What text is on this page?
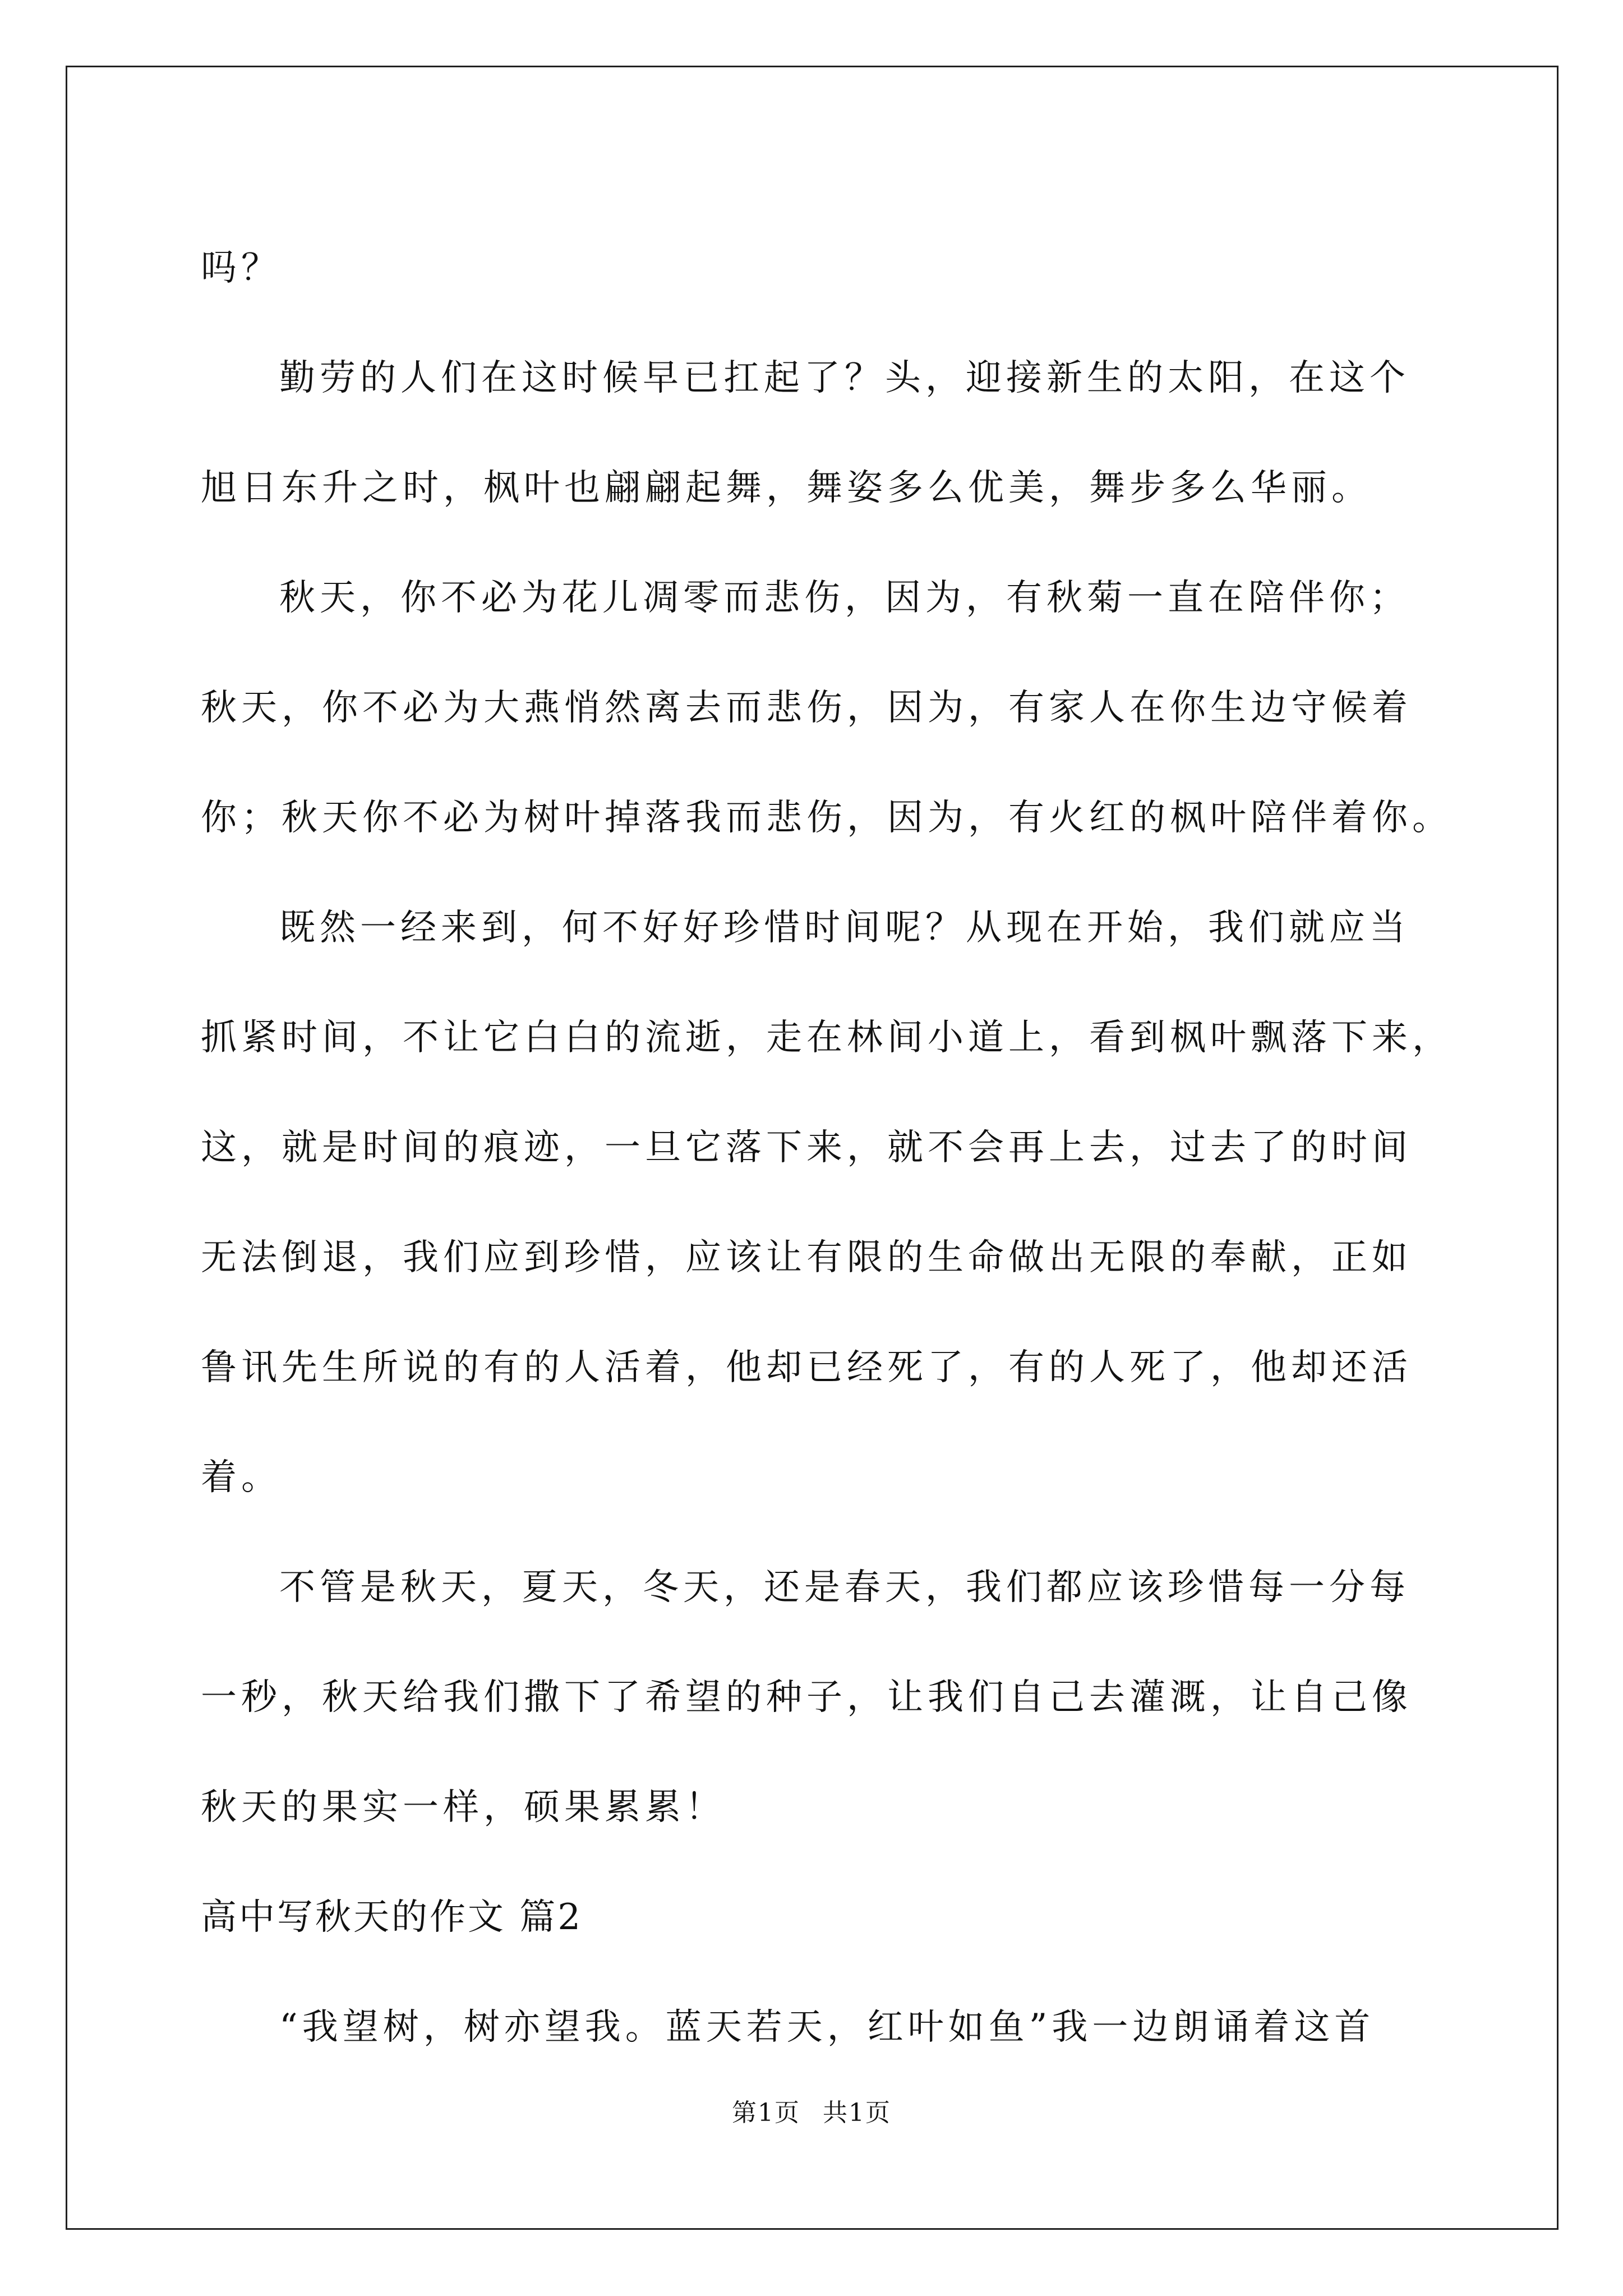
吗？
勤劳的人们在这时候早已扛起了？头，迎接新生的太阳，在这个
旭日东升之时，枫叶也翩翩起舞，舞姿多么优美，舞步多么华丽。
秋天，你不必为花儿凋零而悲伤，因为，有秋菊一直在陪伴你；
秋天，你不必为大燕悄然离去而悲伤，因为，有家人在你生边守候着
你；秋天你不必为树叶掉落我而悲伤，因为，有火红的枫叶陪伴着你。
既然一经来到，何不好好珍惜时间呢？从现在开始，我们就应当
抓紧时间，不让它白白的流逝，走在林间小道上，看到枫叶飘落下来，
这，就是时间的痕迹，一旦它落下来，就不会再上去，过去了的时间
无法倒退，我们应到珍惜，应该让有限的生命做出无限的奉献，正如
鲁讯先生所说的有的人活着，他却已经死了，有的人死了，他却还活
着。
不管是秋天，夏天，冬天，还是春天，我们都应该珍惜每一分每
一秒，秋天给我们撒下了希望的种子，让我们自己去灌溉，让自己像
秋天的果实一样，硕果累累！
高中写秋天的作文 篇2
“我望树，树亦望我。蓝天若天，红叶如鱼”我一边朗诵着这首
第1页 共1页
